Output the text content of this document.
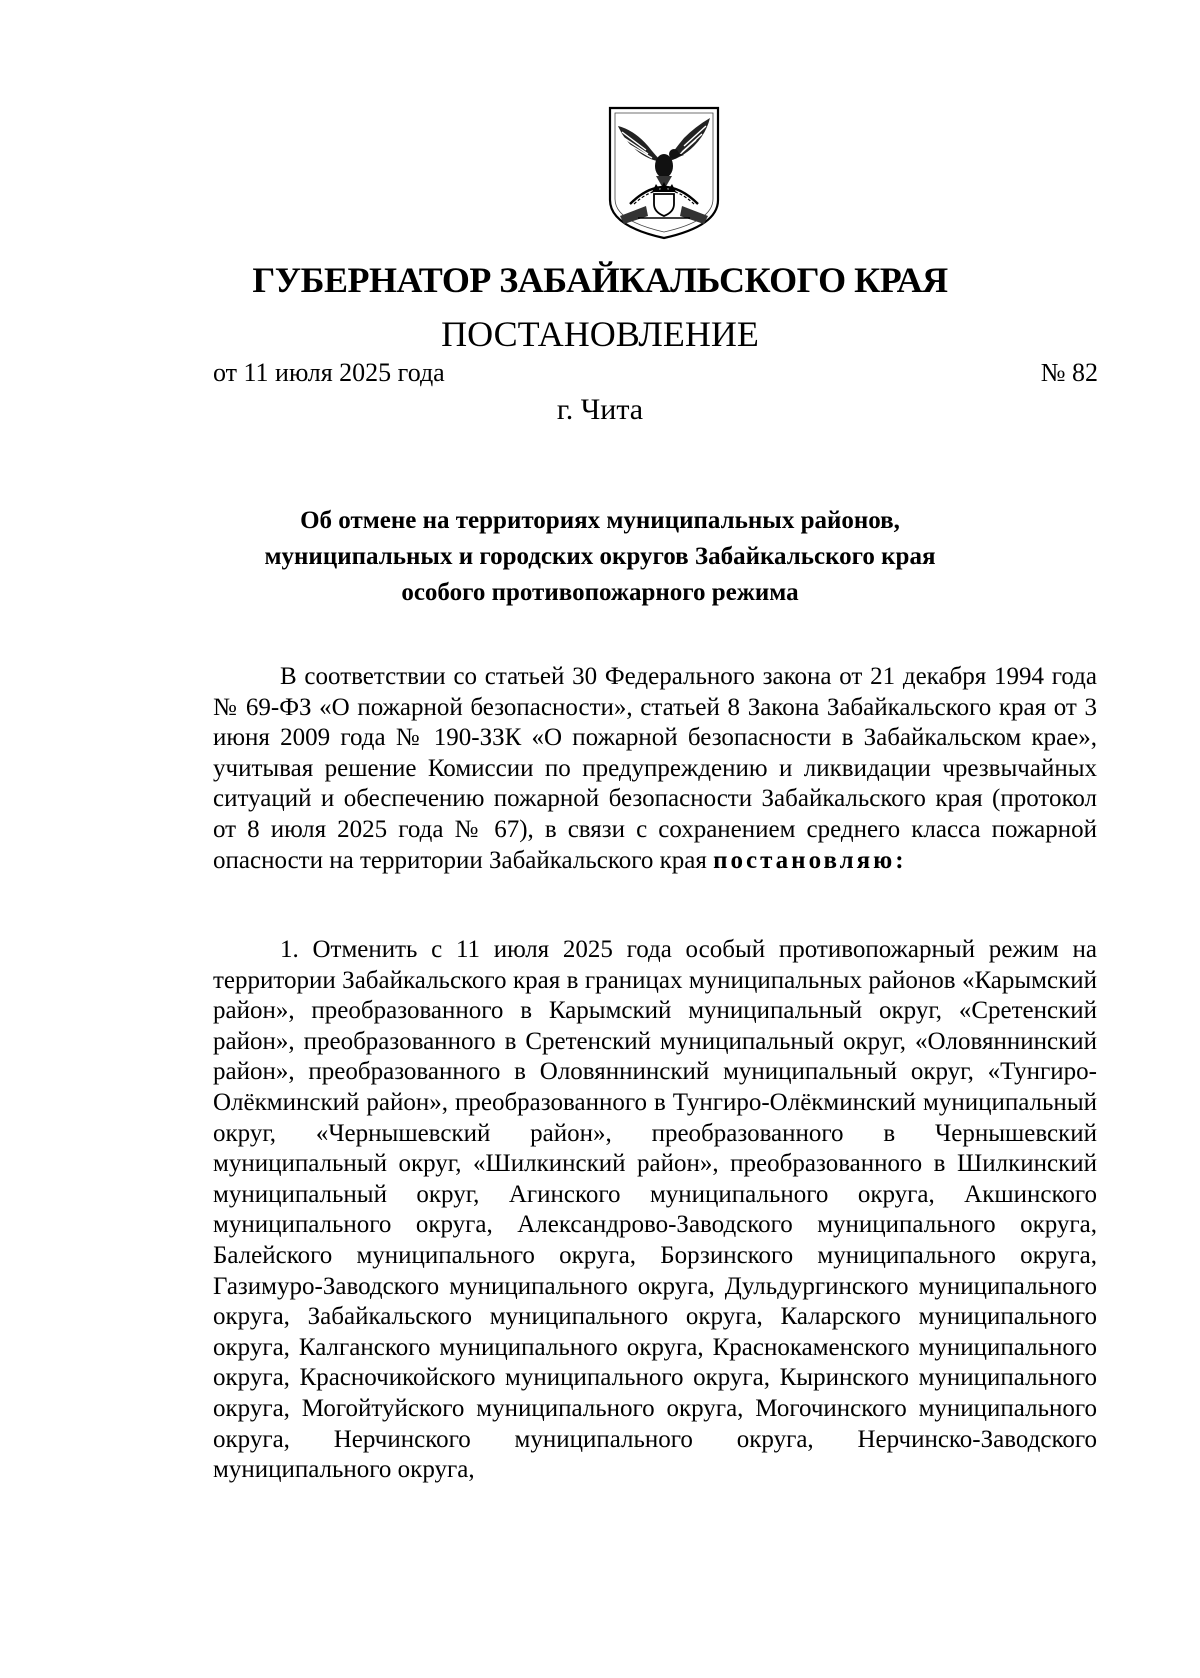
ГУБЕРНАТОР ЗАБАЙКАЛЬСКОГО КРАЯ
ПОСТАНОВЛЕНИЕ
от 11 июля 2025 года	№ 82
г. Чита
Об отмене на территориях муниципальных районов,
муниципальных и городских округов Забайкальского края
особого противопожарного режима
В соответствии со статьей 30 Федерального закона от 21 декабря 1994 года № 69-ФЗ «О пожарной безопасности», статьей 8 Закона Забайкальского края от 3 июня 2009 года № 190-ЗЗК «О пожарной безопасности в Забайкальском крае», учитывая решение Комиссии по предупреждению и ликвидации чрезвычайных ситуаций и обеспечению пожарной безопасности Забайкальского края (протокол от 8 июля 2025 года № 67), в связи с сохранением среднего класса пожарной опасности на территории Забайкальского края постановляю:
1. Отменить с 11 июля 2025 года особый противопожарный режим на территории Забайкальского края в границах муниципальных районов «Карымский район», преобразованного в Карымский муниципальный округ, «Сретенский район», преобразованного в Сретенский муниципальный округ, «Оловяннинский район», преобразованного в Оловяннинский муниципальный округ, «Тунгиро-Олёкминский район», преобразованного в Тунгиро-Олёкминский муниципальный округ, «Чернышевский район», преобразованного в Чернышевский муниципальный округ, «Шилкинский район», преобразованного в Шилкинский муниципальный округ, Агинского муниципального округа, Акшинского муниципального округа, Александрово-Заводского муниципального округа, Балейского муниципального округа, Борзинского муниципального округа, Газимуро-Заводского муниципального округа, Дульдургинского муниципального округа, Забайкальского муниципального округа, Каларского муниципального округа, Калганского муниципального округа, Краснокаменского муниципального округа, Красночикойского муниципального округа, Кыринского муниципального округа, Могойтуйского муниципального округа, Могочинского муниципального округа, Нерчинского муниципального округа, Нерчинско-Заводского муниципального округа,
